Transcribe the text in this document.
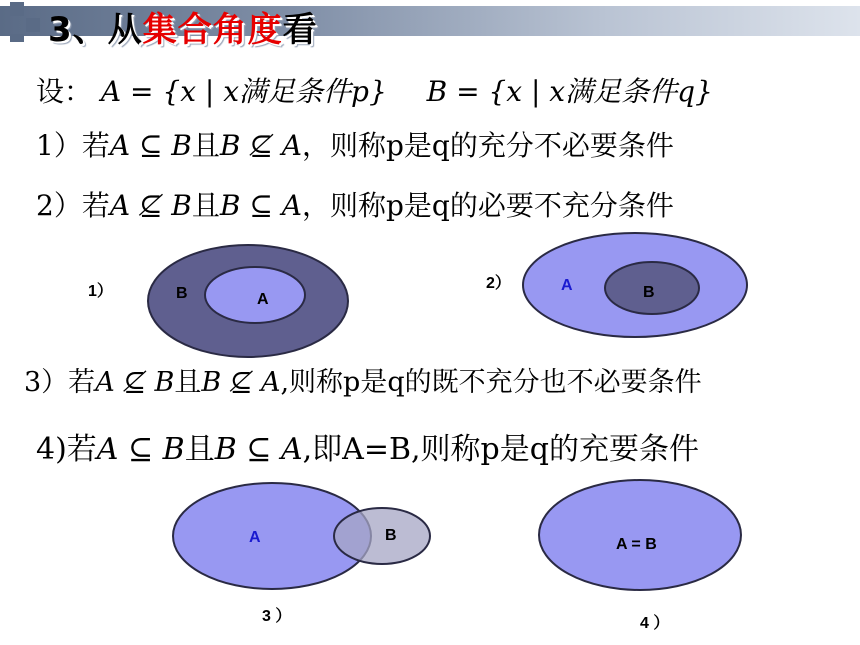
3、从集合角度看
设： A = {x | x满足条件p} B = {x | x满足条件q}
1）若A ⊆ B且B ⊈ A，则称p是q的充分不必要条件
2）若A ⊈ B且B ⊆ A，则称p是q的必要不充分条件
3）若A ⊈ B且B ⊈ A,则称p是q的既不充分也不必要条件
4)若A ⊆ B且B ⊆ A,即A=B,则称p是q的充要条件
1）	B	A
2）	A	B
A	B
3 ）
A = B
4 ）
